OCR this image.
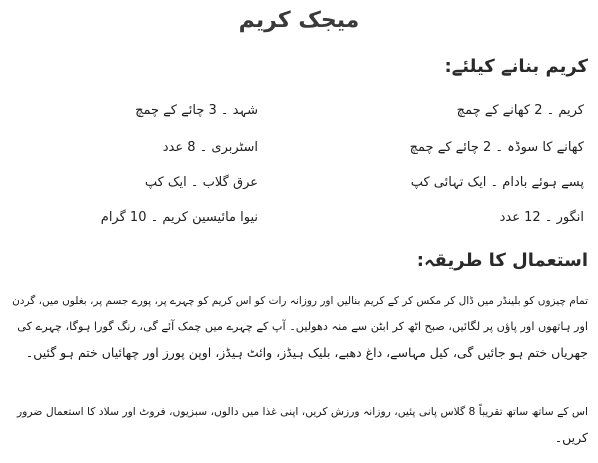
میجک کریم
کریم بنانے کیلئے:
کریم ۔ 2 کھانے کے چمچ
شہد ۔ 3 چائے کے چمچ
کھانے کا سوڈہ ۔ 2 چائے کے چمچ
اسٹربری ۔ 8 عدد
پسے ہوئے بادام ۔ ایک تہائی کپ
عرق گلاب ۔ ایک کپ
انگور ۔ 12 عدد
نیوا مائیسین کریم ۔ 10 گرام
استعمال کا طریقہ:
تمام چیزوں کو بلینڈر میں ڈال کر مکس کر کے کریم بنالیں اور روزانہ رات کو اس کریم کو چہرے پر، پورے جسم پر، بغلوں میں، گردن
اور ہاتھوں اور پاؤں پر لگائیں، صبح اٹھ کر ابٹن سے منہ دھولیں۔ آپ کے چہرے میں چمک آئے گی، رنگ گورا ہوگا، چہرے کی
جھریاں ختم ہو جائیں گی، کیل مہاسے، داغ دھبے، بلیک ہیڈز، وائٹ ہیڈز، اوپن پورز اور چھائیاں ختم ہو گئیں۔
اس کے ساتھ ساتھ تقریباً 8 گلاس پانی پئیں، روزانہ ورزش کریں، اپنی غذا میں دالوں، سبزیوں، فروٹ اور سلاد کا استعمال ضرور
کریں۔
